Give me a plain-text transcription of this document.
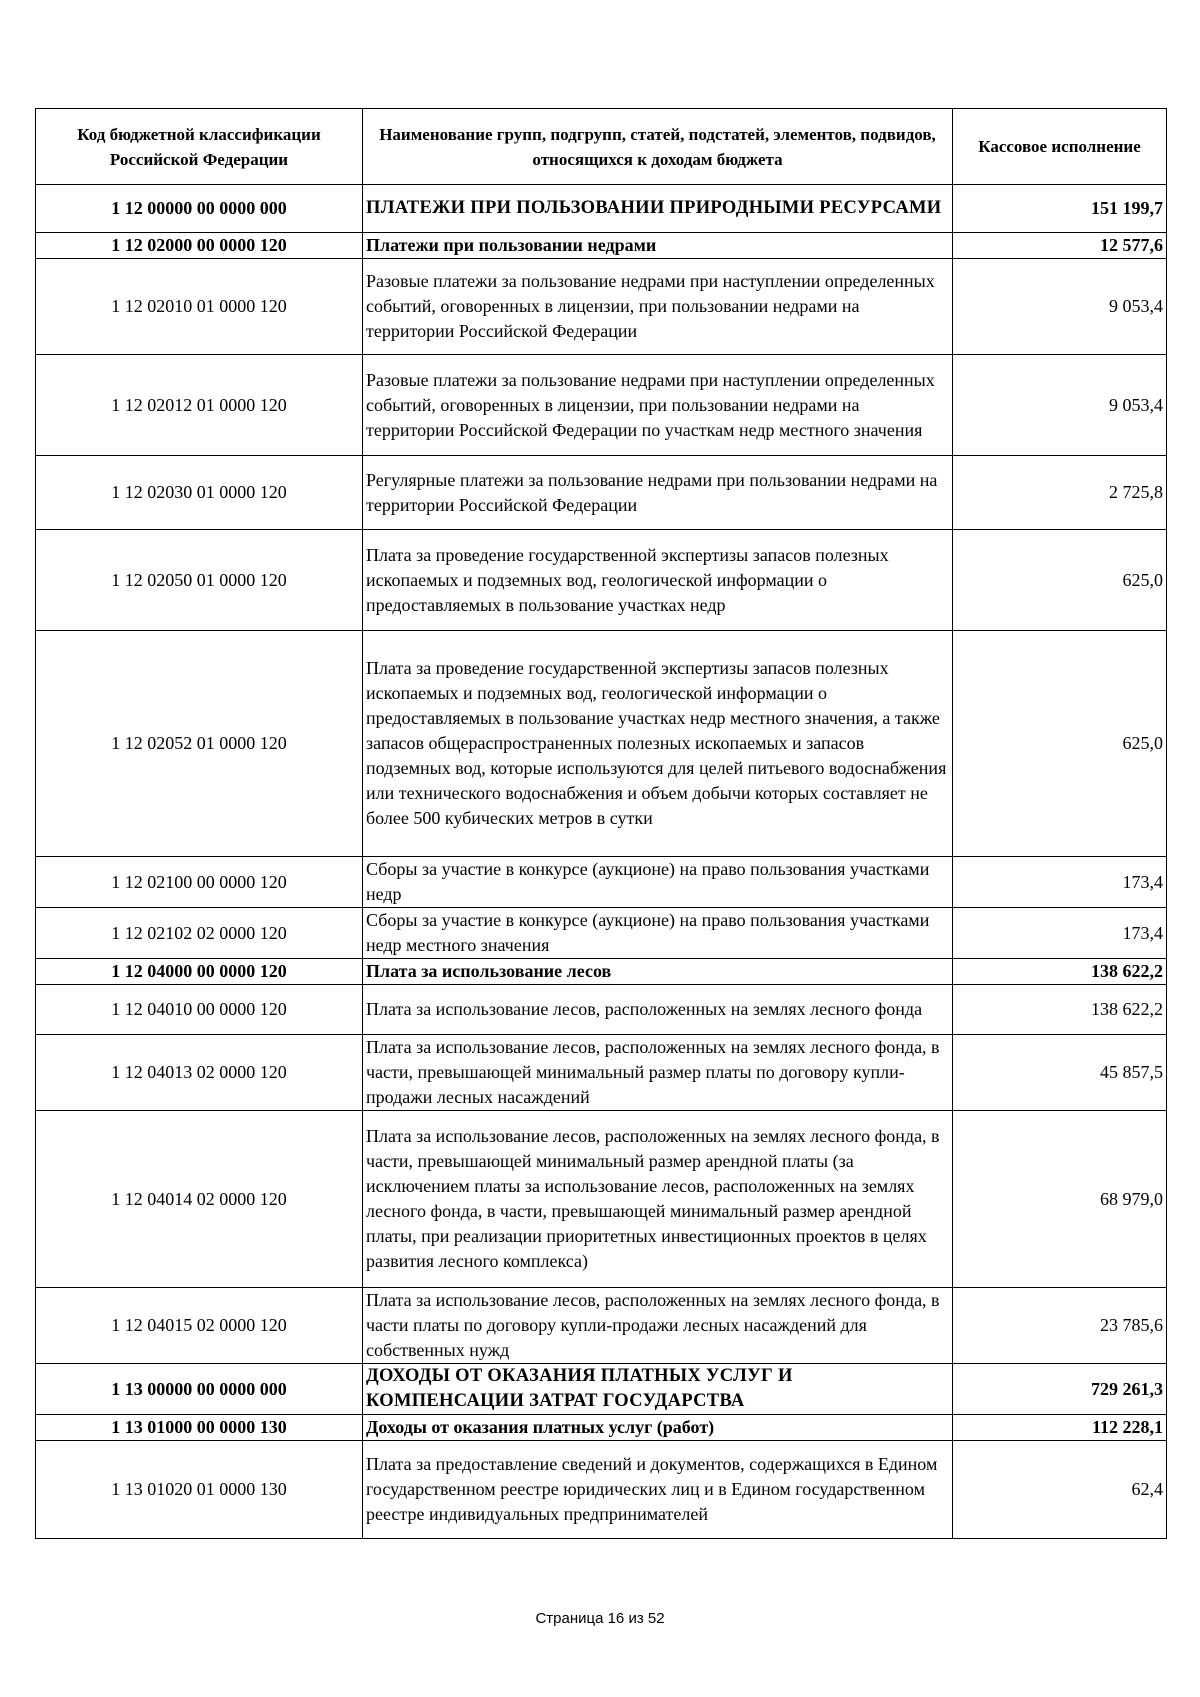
Код бюджетной классификации Российской Федерации	Наименование групп, подгрупп, статей, подстатей, элементов, подвидов, относящихся к доходам бюджета	Кассовое исполнение
1 12 00000 00 0000 000	ПЛАТЕЖИ ПРИ ПОЛЬЗОВАНИИ ПРИРОДНЫМИ РЕСУРСАМИ	151 199,7
1 12 02000 00 0000 120	Платежи при пользовании недрами	12 577,6
1 12 02010 01 0000 120	Разовые платежи за пользование недрами при наступлении определенных событий, оговоренных в лицензии, при пользовании недрами на территории Российской Федерации	9 053,4
1 12 02012 01 0000 120	Разовые платежи за пользование недрами при наступлении определенных событий, оговоренных в лицензии, при пользовании недрами на территории Российской Федерации по участкам недр местного значения	9 053,4
1 12 02030 01 0000 120	Регулярные платежи за пользование недрами при пользовании недрами на территории Российской Федерации	2 725,8
1 12 02050 01 0000 120	Плата за проведение государственной экспертизы запасов полезных ископаемых и подземных вод, геологической информации о предоставляемых в пользование участках недр	625,0
1 12 02052 01 0000 120	Плата за проведение государственной экспертизы запасов полезных ископаемых и подземных вод, геологической информации о предоставляемых в пользование участках недр местного значения, а также запасов общераспространенных полезных ископаемых и запасов подземных вод, которые используются для целей питьевого водоснабжения или технического водоснабжения и объем добычи которых составляет не более 500 кубических метров в сутки	625,0
1 12 02100 00 0000 120	Сборы за участие в конкурсе (аукционе) на право пользования участками недр	173,4
1 12 02102 02 0000 120	Сборы за участие в конкурсе (аукционе) на право пользования участками недр местного значения	173,4
1 12 04000 00 0000 120	Плата за использование лесов	138 622,2
1 12 04010 00 0000 120	Плата за использование лесов, расположенных на землях лесного фонда	138 622,2
1 12 04013 02 0000 120	Плата за использование лесов, расположенных на землях лесного фонда, в части, превышающей минимальный размер платы по договору купли-продажи лесных насаждений	45 857,5
1 12 04014 02 0000 120	Плата за использование лесов, расположенных на землях лесного фонда, в части, превышающей минимальный размер арендной платы (за исключением платы за использование лесов, расположенных на землях лесного фонда, в части, превышающей минимальный размер арендной платы, при реализации приоритетных инвестиционных проектов в целях развития лесного комплекса)	68 979,0
1 12 04015 02 0000 120	Плата за использование лесов, расположенных на землях лесного фонда, в части платы по договору купли-продажи лесных насаждений для собственных нужд	23 785,6
1 13 00000 00 0000 000	ДОХОДЫ ОТ ОКАЗАНИЯ ПЛАТНЫХ УСЛУГ И КОМПЕНСАЦИИ ЗАТРАТ ГОСУДАРСТВА	729 261,3
1 13 01000 00 0000 130	Доходы от оказания платных услуг (работ)	112 228,1
1 13 01020 01 0000 130	Плата за предоставление сведений и документов, содержащихся в Едином государственном реестре юридических лиц и в Едином государственном реестре индивидуальных предпринимателей	62,4
Страница 16 из 52
